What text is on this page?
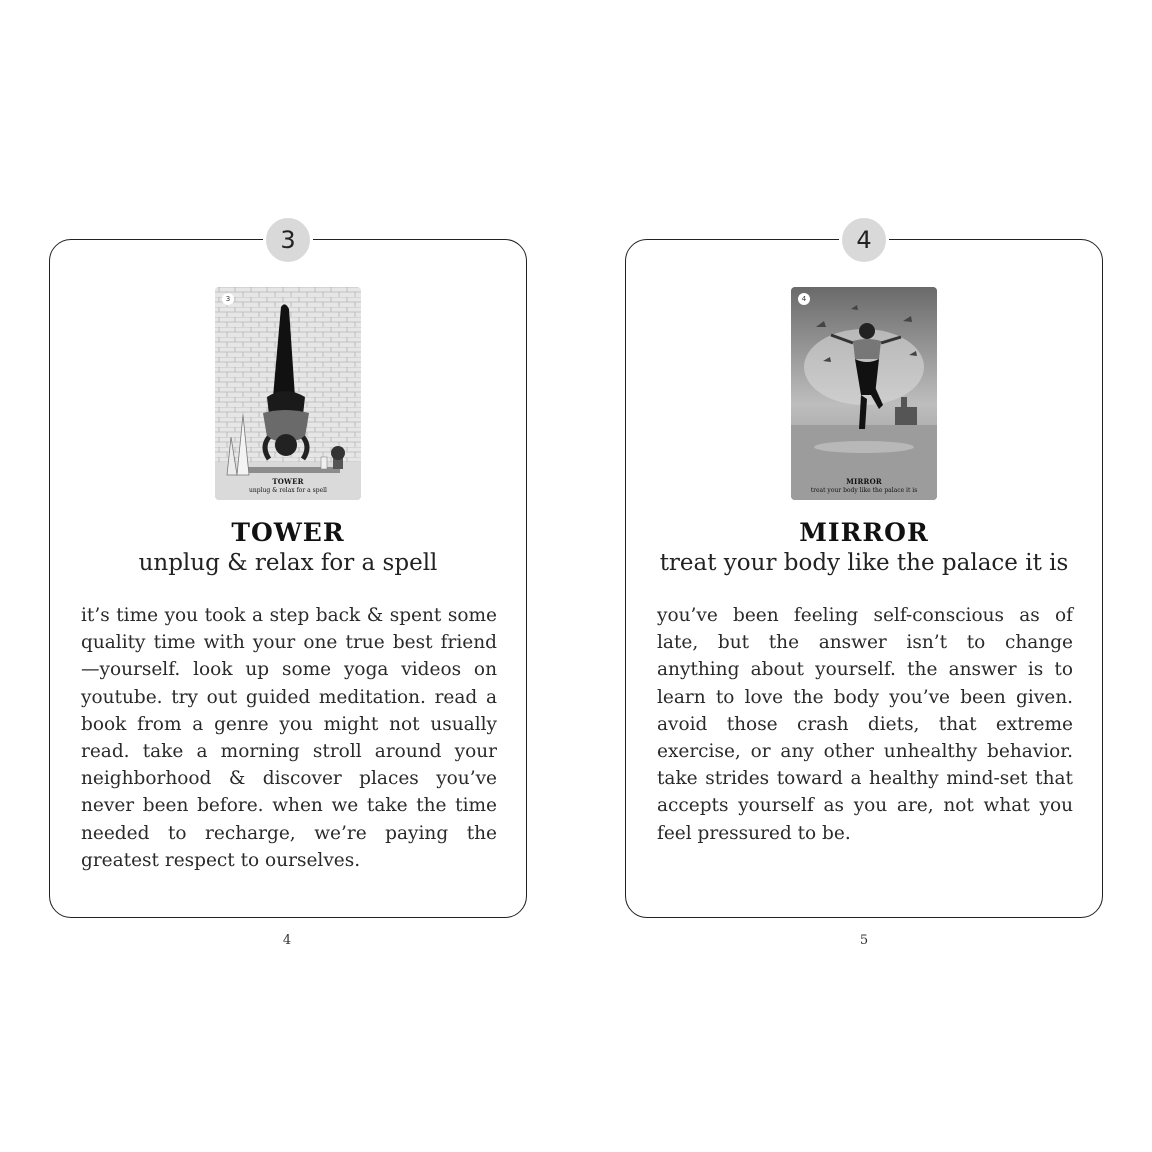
3
3
TOWER
unplug & relax for a spell
TOWER
unplug & relax for a spell
it’s time you took a step back & spent some quality time with your one true best friend—yourself. look up some yoga videos on youtube. try out guided meditation. read a book from a genre you might not usually read. take a morning stroll around your neighborhood & discover places you’ve never been before. when we take the time needed to recharge, we’re paying the greatest respect to ourselves.
4
4
4
MIRROR
treat your body like the palace it is
MIRROR
treat your body like the palace it is
you’ve been feeling self-conscious as of late, but the answer isn’t to change anything about yourself. the answer is to learn to love the body you’ve been given. avoid those crash diets, that extreme exercise, or any other unhealthy behavior. take strides toward a healthy mind-set that accepts yourself as you are, not what you feel pressured to be.
5
